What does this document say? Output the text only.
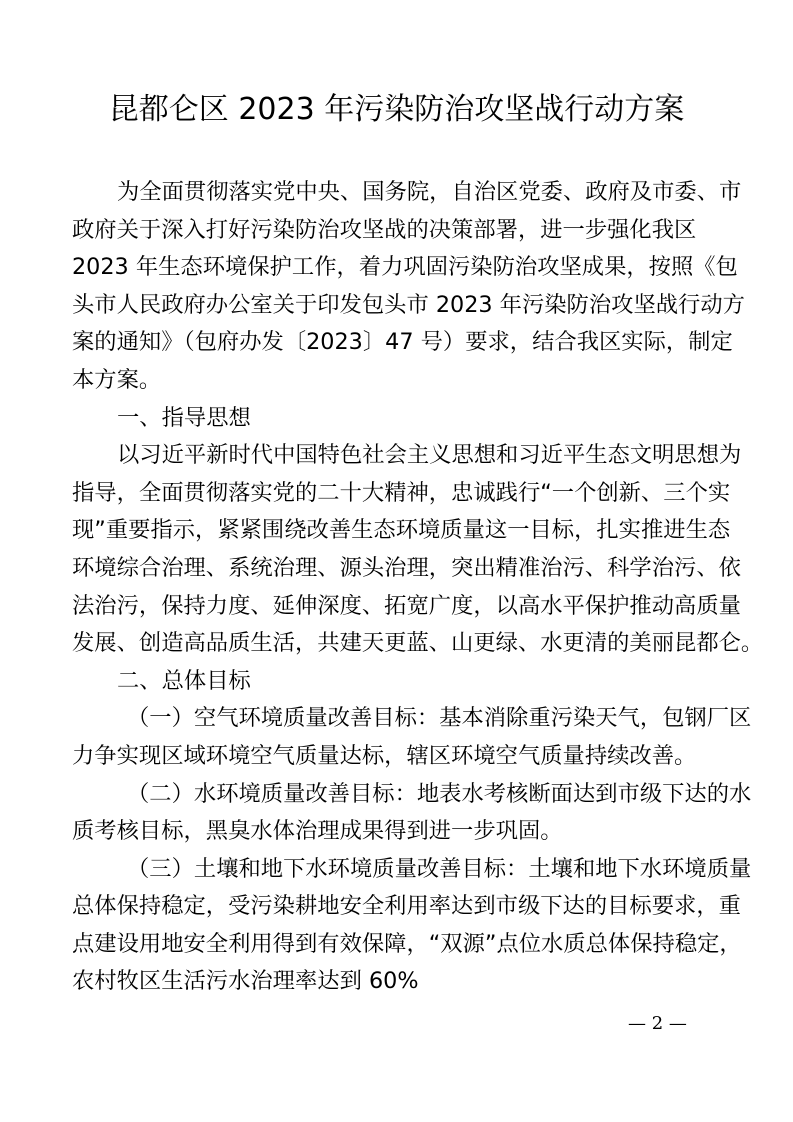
昆都仑区 2023 年污染防治攻坚战行动方案
为全面贯彻落实党中央、国务院，自治区党委、政府及市委、市
政府关于深入打好污染防治攻坚战的决策部署，进一步强化我区
2023 年生态环境保护工作，着力巩固污染防治攻坚成果，按照《包
头市人民政府办公室关于印发包头市 2023 年污染防治攻坚战行动方
案的通知》（包府办发〔2023〕47 号）要求，结合我区实际，制定
本方案。
一、指导思想
以习近平新时代中国特色社会主义思想和习近平生态文明思想为
指导，全面贯彻落实党的二十大精神，忠诚践行“一个创新、三个实
现”重要指示，紧紧围绕改善生态环境质量这一目标，扎实推进生态
环境综合治理、系统治理、源头治理，突出精准治污、科学治污、依
法治污，保持力度、延伸深度、拓宽广度，以高水平保护推动高质量
发展、创造高品质生活，共建天更蓝、山更绿、水更清的美丽昆都仑。
二、总体目标
（一）空气环境质量改善目标：基本消除重污染天气，包钢厂区
力争实现区域环境空气质量达标，辖区环境空气质量持续改善。
（二）水环境质量改善目标：地表水考核断面达到市级下达的水
质考核目标，黑臭水体治理成果得到进一步巩固。
（三）土壤和地下水环境质量改善目标：土壤和地下水环境质量
总体保持稳定，受污染耕地安全利用率达到市级下达的目标要求，重
点建设用地安全利用得到有效保障，“双源”点位水质总体保持稳定，
农村牧区生活污水治理率达到 60%
— 2 —
